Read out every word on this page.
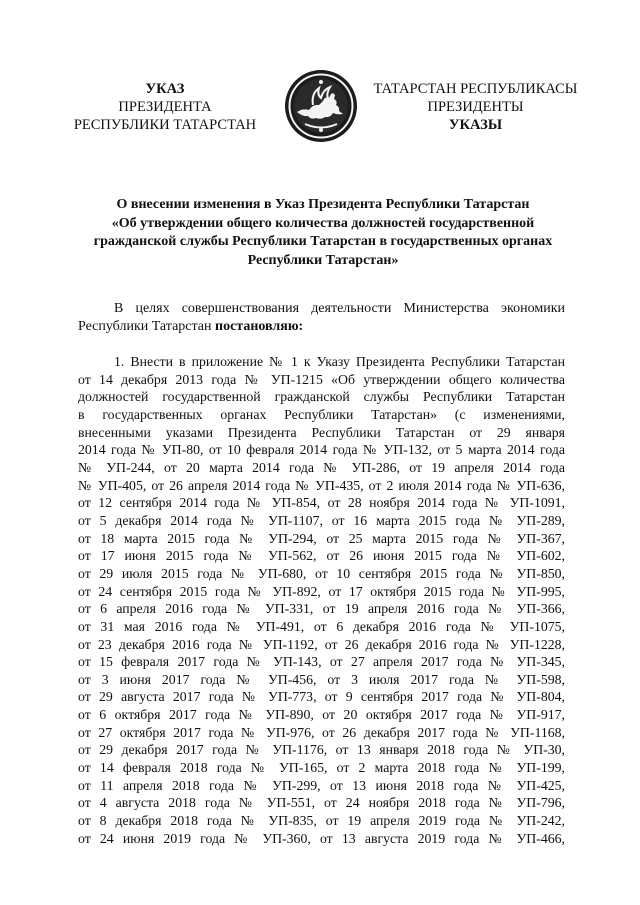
УКАЗ
ПРЕЗИДЕНТА
РЕСПУБЛИКИ ТАТАРСТАН
ТАТАРСТАН РЕСПУБЛИКАСЫ
ПРЕЗИДЕНТЫ
УКАЗЫ
О внесении изменения в Указ Президента Республики Татарстан
«Об утверждении общего количества должностей государственной
гражданской службы Республики Татарстан в государственных органах
Республики Татарстан»
В целях совершенствования деятельности Министерства экономики
Республики Татарстан постановляю:
1. Внести в приложение № 1 к Указу Президента Республики Татарстан
от 14 декабря 2013 года № УП-1215 «Об утверждении общего количества
должностей государственной гражданской службы Республики Татарстан
в государственных органах Республики Татарстан» (с изменениями,
внесенными указами Президента Республики Татарстан от 29 января
2014 года № УП-80, от 10 февраля 2014 года № УП-132, от 5 марта 2014 года
№ УП-244, от 20 марта 2014 года № УП-286, от 19 апреля 2014 года
№ УП-405, от 26 апреля 2014 года № УП-435, от 2 июля 2014 года № УП-636,
от 12 сентября 2014 года № УП-854, от 28 ноября 2014 года № УП-1091,
от 5 декабря 2014 года № УП-1107, от 16 марта 2015 года № УП-289,
от 18 марта 2015 года № УП-294, от 25 марта 2015 года № УП-367,
от 17 июня 2015 года № УП-562, от 26 июня 2015 года № УП-602,
от 29 июля 2015 года № УП-680, от 10 сентября 2015 года № УП-850,
от 24 сентября 2015 года № УП-892, от 17 октября 2015 года № УП-995,
от 6 апреля 2016 года № УП-331, от 19 апреля 2016 года № УП-366,
от 31 мая 2016 года № УП-491, от 6 декабря 2016 года № УП-1075,
от 23 декабря 2016 года № УП-1192, от 26 декабря 2016 года № УП-1228,
от 15 февраля 2017 года № УП-143, от 27 апреля 2017 года № УП-345,
от 3 июня 2017 года № УП-456, от 3 июля 2017 года № УП-598,
от 29 августа 2017 года № УП-773, от 9 сентября 2017 года № УП-804,
от 6 октября 2017 года № УП-890, от 20 октября 2017 года № УП-917,
от 27 октября 2017 года № УП-976, от 26 декабря 2017 года № УП-1168,
от 29 декабря 2017 года № УП-1176, от 13 января 2018 года № УП-30,
от 14 февраля 2018 года № УП-165, от 2 марта 2018 года № УП-199,
от 11 апреля 2018 года № УП-299, от 13 июня 2018 года № УП-425,
от 4 августа 2018 года № УП-551, от 24 ноября 2018 года № УП-796,
от 8 декабря 2018 года № УП-835, от 19 апреля 2019 года № УП-242,
от 24 июня 2019 года № УП-360, от 13 августа 2019 года № УП-466,
